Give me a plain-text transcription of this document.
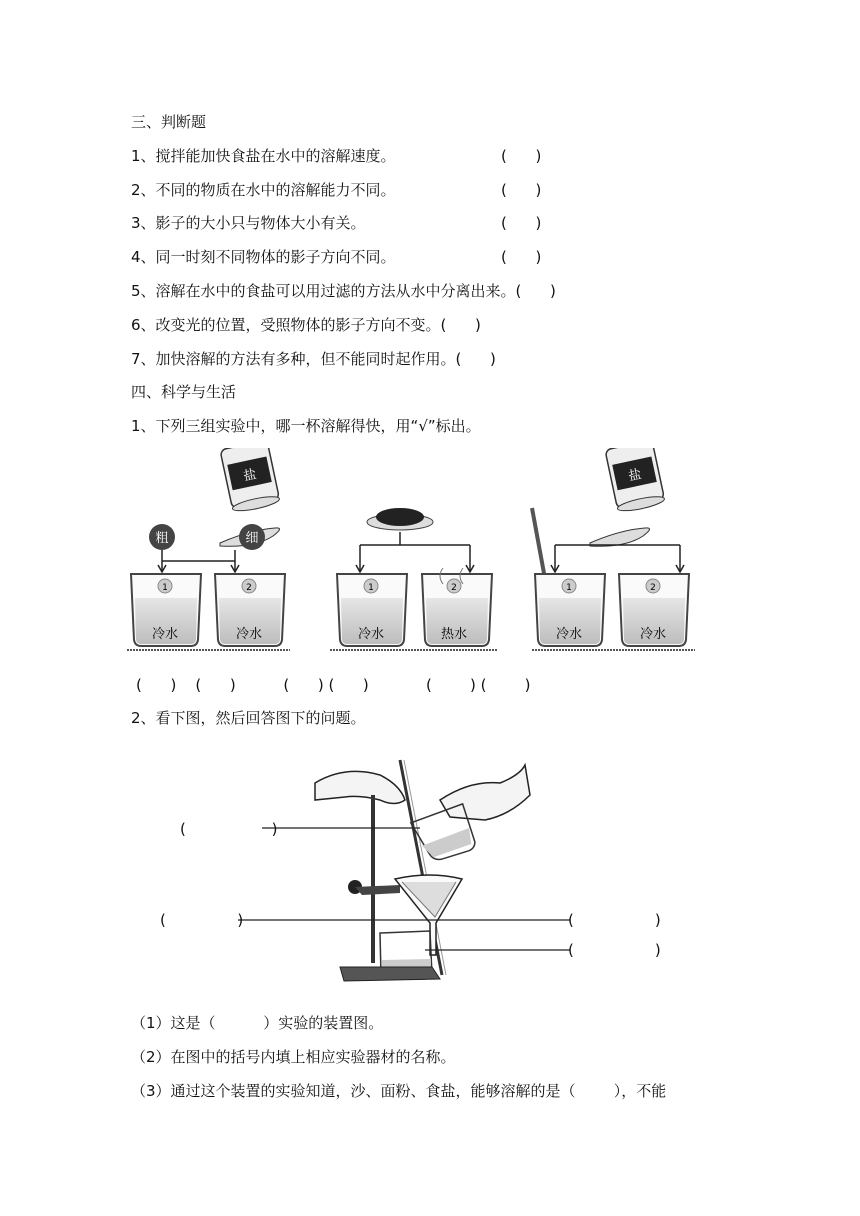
三、判断题
1、搅拌能加快食盐在水中的溶解速度。	(      )
2、不同的物质在水中的溶解能力不同。	(      )
3、影子的大小只与物体大小有关。	(      )
4、同一时刻不同物体的影子方向不同。	(      )
5、溶解在水中的食盐可以用过滤的方法从水中分离出来。(      )
6、改变光的位置，受照物体的影子方向不变。(      )
7、加快溶解的方法有多种，但不能同时起作用。(      )
四、科学与生活
1、下列三组实验中，哪一杯溶解得快，用“√”标出。
盐
粗	细
1
冷水
2
冷水
1
冷水
2
热水
盐
1
冷水
2
冷水
(      )    (      )          (      ) (      )            (        ) (        )
2、看下图，然后回答图下的问题。
(                  )
(               )	(                 )
(                 )
（1）这是（          ）实验的装置图。
（2）在图中的括号内填上相应实验器材的名称。
（3）通过这个装置的实验知道，沙、面粉、食盐，能够溶解的是（        ），不能
